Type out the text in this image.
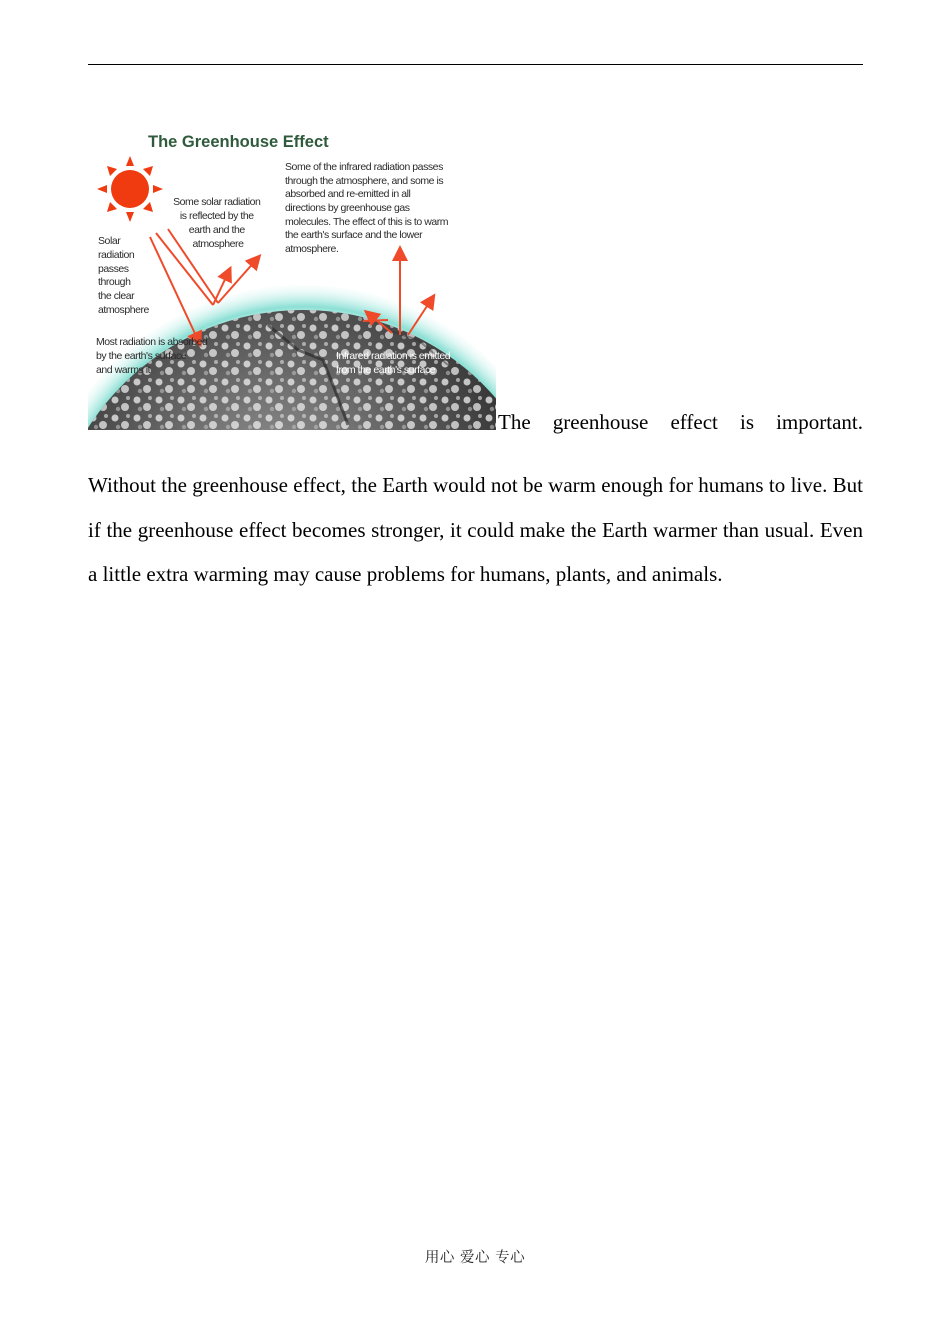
The Greenhouse Effect
Some of the infrared radiation passes through the atmosphere, and some is absorbed and re-emitted in all directions by greenhouse gas molecules. The effect of this is to warm the earth's surface and the lower atmosphere.
Some solar radiation is reflected by the earth and the atmosphere
Solar radiation passes through the clear atmosphere
Most radiation is absorbed by the earth's surface and warms it
Infrared radiation is emitted from the earth's surface
The greenhouse effect is important.

Without the greenhouse effect, the Earth would not be warm enough for humans to live. But if the greenhouse effect becomes stronger, it could make the Earth warmer than usual. Even a little extra warming may cause problems for humans, plants, and animals.

用心 爱心 专心
